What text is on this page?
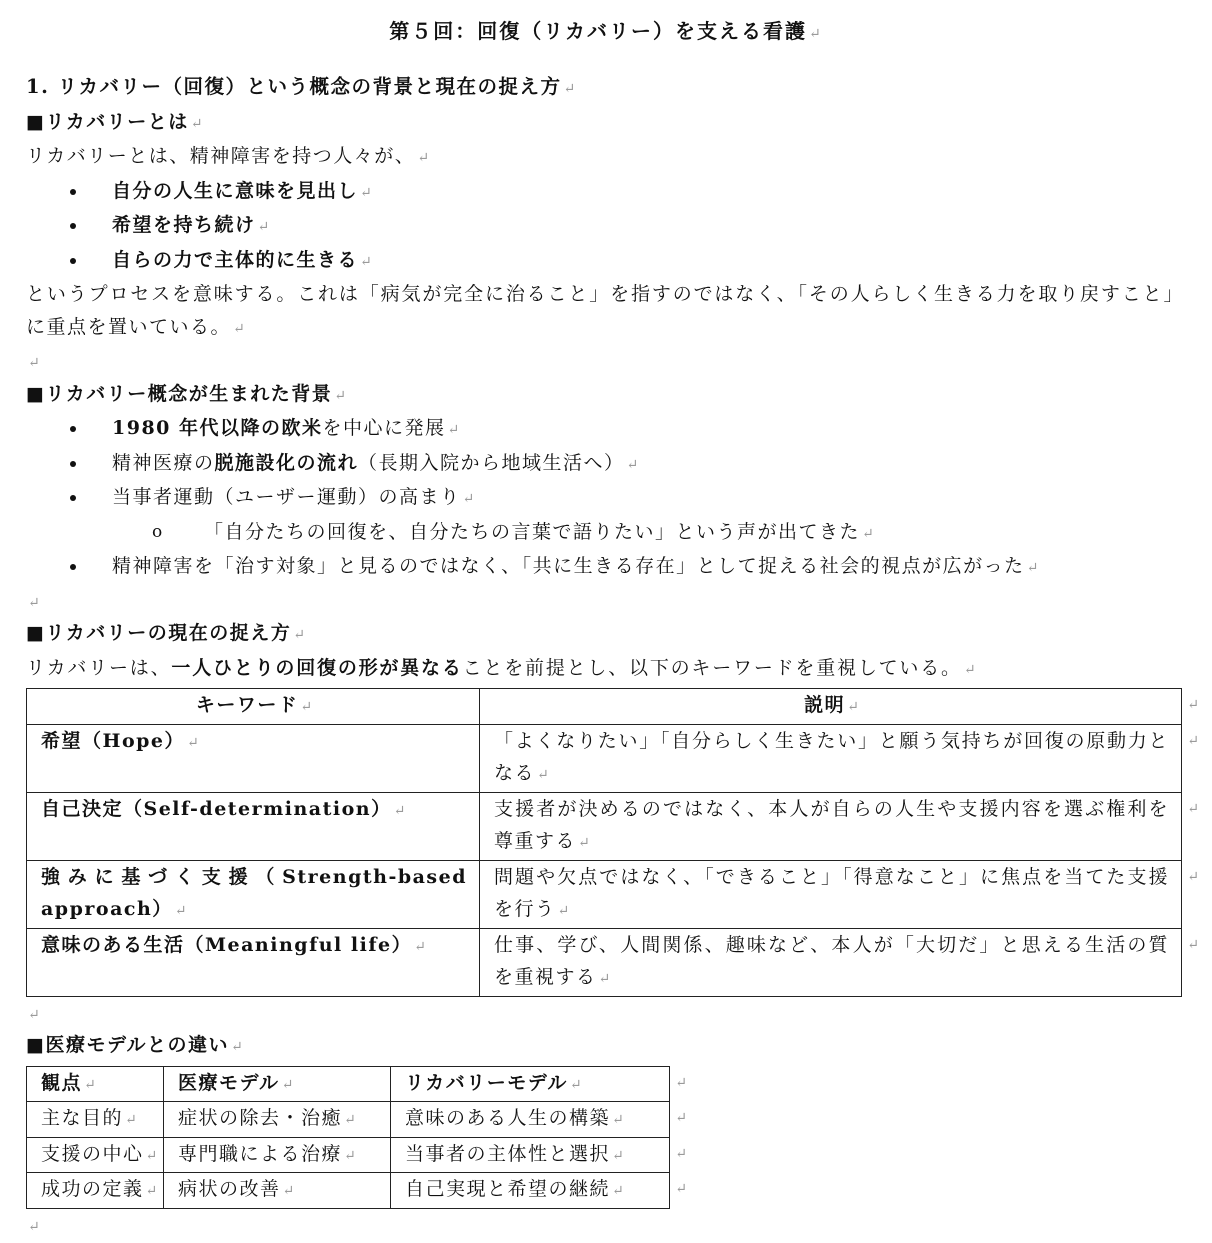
第５回：回復（リカバリー）を支える看護 ↵

1. リカバリー（回復）という概念の背景と現在の捉え方 ↵

■リカバリーとは ↵

リカバリーとは、精神障害を持つ人々が、 ↵

自分の人生に意味を見出し ↵
希望を持ち続け ↵
自らの力で主体的に生きる ↵

というプロセスを意味する。これは「病気が完全に治ること」を指すのではなく、「その人らしく生きる力を取り戻すこと」に重点を置いている。 ↵

↵

■リカバリー概念が生まれた背景 ↵

1980 年代以降の欧米を中心に発展 ↵
精神医療の脱施設化の流れ（長期入院から地域生活へ） ↵
当事者運動（ユーザー運動）の高まり ↵
o 「自分たちの回復を、自分たちの言葉で語りたい」という声が出てきた ↵
精神障害を「治す対象」と見るのではなく、「共に生きる存在」として捉える社会的視点が広がった ↵

↵

■リカバリーの現在の捉え方 ↵

リカバリーは、一人ひとりの回復の形が異なることを前提とし、以下のキーワードを重視している。 ↵

キーワード ↵	説明 ↵ ↵

希望（Hope） ↵	「よくなりたい」「自分らしく生きたい」と願う気持ちが回復の原動力となる ↵
↵

自己決定（Self-determination） ↵	支援者が決めるのではなく、本人が自らの人生や支援内容を選ぶ権利を尊重する ↵
↵

強みに基づく支援（Strength-based approach） ↵	問題や欠点ではなく、「できること」「得意なこと」に焦点を当てた支援を行う ↵
↵

意味のある生活（Meaningful life） ↵	仕事、学び、人間関係、趣味など、本人が「大切だ」と思える生活の質を重視する ↵
↵

↵

■医療モデルとの違い ↵

観点 ↵	医療モデル ↵	リカバリーモデル ↵ ↵

主な目的 ↵	症状の除去・治癒 ↵	意味のある人生の構築 ↵ ↵

支援の中心 ↵	専門職による治療 ↵	当事者の主体性と選択 ↵ ↵

成功の定義 ↵	病状の改善 ↵	自己実現と希望の継続 ↵ ↵

↵
